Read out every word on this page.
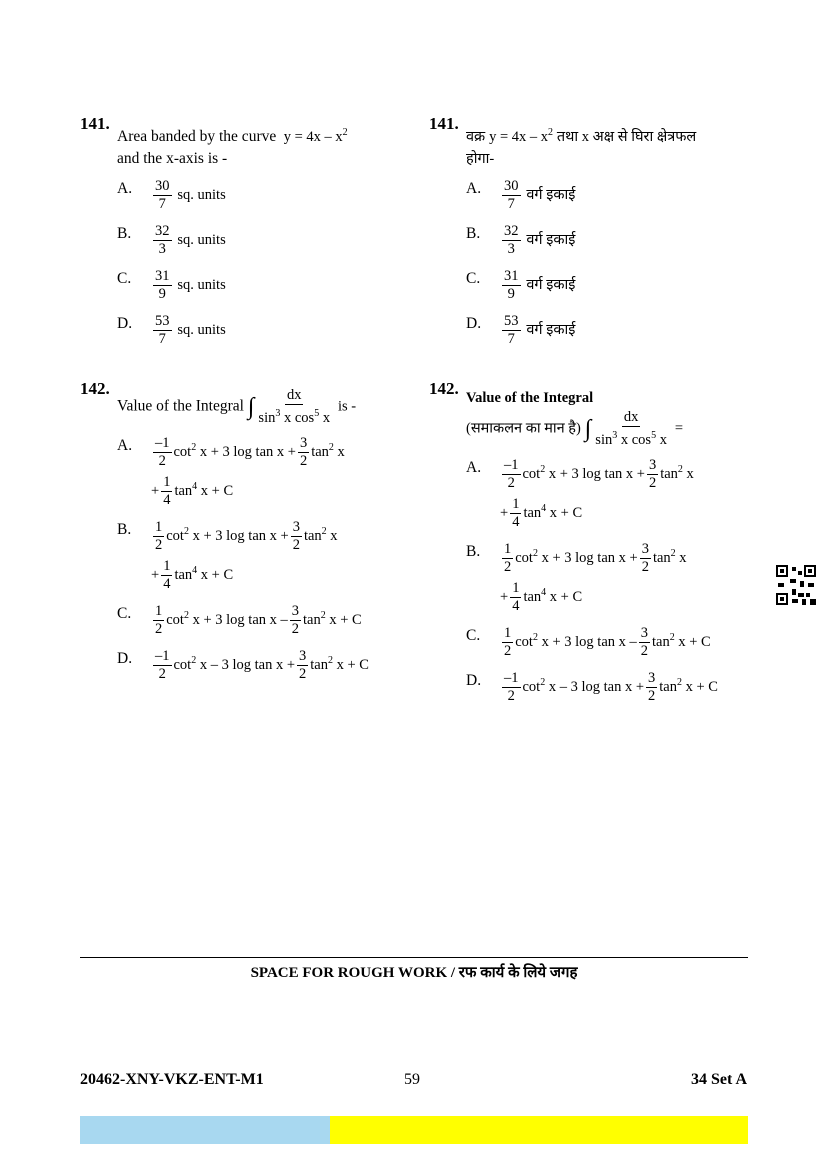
141.
Area banded by the curve $y = 4x - x^2$
and the x-axis is -
A. $\frac{30}{7}$ sq. units
B. $\frac{32}{3}$ sq. units
C. $\frac{31}{9}$ sq. units
D. $\frac{53}{7}$ sq. units
142.
Value of the Integral ∫ $\frac{dx}{\sin^3 x \cos^5 x}$ is -
A. $\frac{-1}{2} \cot^2 x + 3$ $\log \tan x + \frac{3}{2} \tan^2 x$
+ $\frac{1}{4} \tan^4 x + C$
B. $\frac{1}{2} \cot^2 x + 3$ $\log \tan x + \frac{3}{2} \tan^2 x$
+ $\frac{1}{4} \tan^4 x + C$
C. $\frac{1}{2} \cot^2 x + 3$ $\log \tan x - \frac{3}{2} \tan^2 x + C$
D. $\frac{-1}{2} \cot^2 x - 3$ $\log \tan x + \frac{3}{2} \tan^2 x + C$
141.
वक्र $y = 4x - x^2$ तथा x अक्ष से घिरा क्षेत्रफल
होगा-
A. $\frac{30}{7}$ वर्ग इकाई
B. $\frac{32}{3}$ वर्ग इकाई
C. $\frac{31}{9}$ वर्ग इकाई
D. $\frac{53}{7}$ वर्ग इकाई
142. Value of the Integral
(समाकलन का मान है) ∫ $\frac{dx}{\sin^3 x \cos^5 x}$ =
A. $\frac{-1}{2} \cot^2 x + 3$ $\log \tan x + \frac{3}{2} \tan^2 x$
+ $\frac{1}{4} \tan^4 x + C$
B. $\frac{1}{2} \cot^2 x + 3$ $\log \tan x + \frac{3}{2} \tan^2 x$
+ $\frac{1}{4} \tan^4 x + C$
C. $\frac{1}{2} \cot^2 x + 3$ $\log \tan x - \frac{3}{2} \tan^2 x + C$
D. $\frac{-1}{2} \cot^2 x - 3$ $\log \tan x + \frac{3}{2} \tan^2 x + C$
SPACE FOR ROUGH WORK / रफ कार्य के लिये जगह
20462-XNY-VKZ-ENT-M1	59	34 Set A
